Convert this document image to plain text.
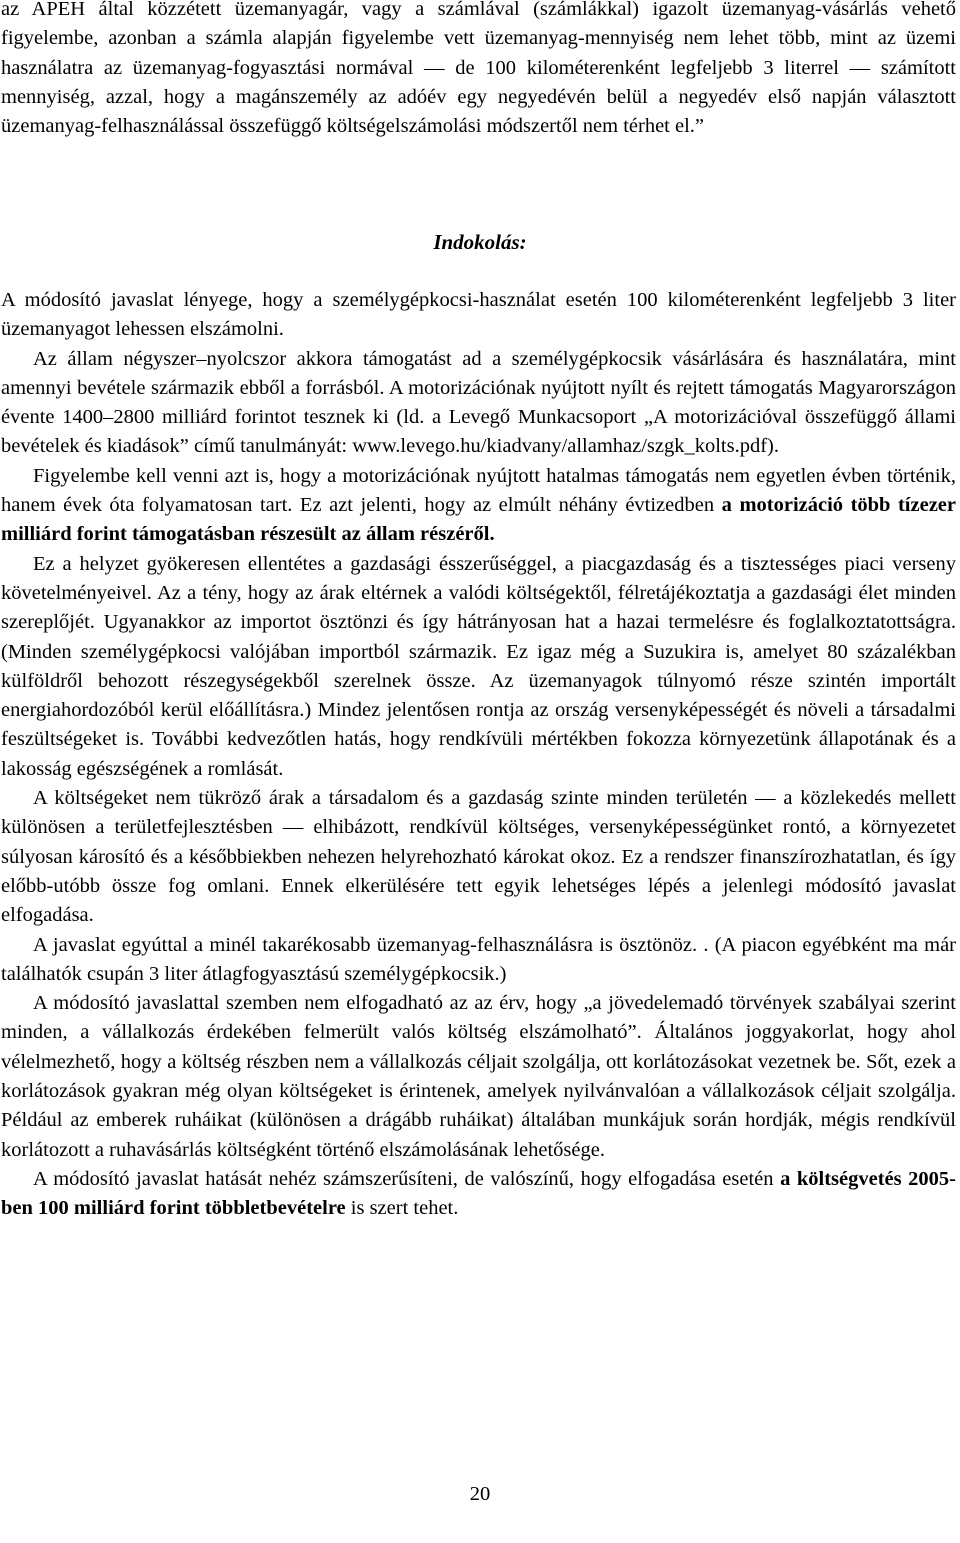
az APEH által közzétett üzemanyagár, vagy a számlával (számlákkal) igazolt üzemanyag-vásárlás vehető figyelembe, azonban a számla alapján figyelembe vett üzemanyag-mennyiség nem lehet több, mint az üzemi használatra az üzemanyag-fogyasztási normával — de 100 kilométerenként legfeljebb 3 literrel — számított mennyiség, azzal, hogy a magánszemély az adóév egy negyedévén belül a negyedév első napján választott üzemanyag-felhasználással összefüggő költségelszámolási módszertől nem térhet el.”

Indokolás:

A módosító javaslat lényege, hogy a személygépkocsi-használat esetén 100 kilométerenként legfeljebb 3 liter üzemanyagot lehessen elszámolni.

Az állam négyszer–nyolcszor akkora támogatást ad a személygépkocsik vásárlására és használatára, mint amennyi bevétele származik ebből a forrásból. A motorizációnak nyújtott nyílt és rejtett támogatás Magyarországon évente 1400–2800 milliárd forintot tesznek ki (ld. a Levegő Munkacsoport „A motorizációval összefüggő állami bevételek és kiadások” című tanulmányát: www.levego.hu/kiadvany/allamhaz/szgk_kolts.pdf).

Figyelembe kell venni azt is, hogy a motorizációnak nyújtott hatalmas támogatás nem egyetlen évben történik, hanem évek óta folyamatosan tart. Ez azt jelenti, hogy az elmúlt néhány évtizedben a motorizáció több tízezer milliárd forint támogatásban részesült az állam részéről.

Ez a helyzet gyökeresen ellentétes a gazdasági ésszerűséggel, a piacgazdaság és a tisztességes piaci verseny követelményeivel. Az a tény, hogy az árak eltérnek a valódi költségektől, félretájékoztatja a gazdasági élet minden szereplőjét. Ugyanakkor az importot ösztönzi és így hátrányosan hat a hazai termelésre és foglalkoztatottságra. (Minden személygépkocsi valójában importból származik. Ez igaz még a Suzukira is, amelyet 80 százalékban külföldről behozott részegységekből szerelnek össze. Az üzemanyagok túlnyomó része szintén importált energiahordozóból kerül előállításra.) Mindez jelentősen rontja az ország versenyképességét és növeli a társadalmi feszültségeket is. További kedvezőtlen hatás, hogy rendkívüli mértékben fokozza környezetünk állapotának és a lakosság egészségének a romlását.

A költségeket nem tükröző árak a társadalom és a gazdaság szinte minden területén — a közlekedés mellett különösen a területfejlesztésben — elhibázott, rendkívül költséges, versenyképességünket rontó, a környezetet súlyosan károsító és a későbbiekben nehezen helyrehozható károkat okoz. Ez a rendszer finanszírozhatatlan, és így előbb-utóbb össze fog omlani. Ennek elkerülésére tett egyik lehetséges lépés a jelenlegi módosító javaslat elfogadása.

A javaslat egyúttal a minél takarékosabb üzemanyag-felhasználásra is ösztönöz. . (A piacon egyébként ma már találhatók csupán 3 liter átlagfogyasztású személygépkocsik.)

A módosító javaslattal szemben nem elfogadható az az érv, hogy „a jövedelemadó törvények szabályai szerint minden, a vállalkozás érdekében felmerült valós költség elszámolható”. Általános joggyakorlat, hogy ahol vélelmezhető, hogy a költség részben nem a vállalkozás céljait szolgálja, ott korlátozásokat vezetnek be. Sőt, ezek a korlátozások gyakran még olyan költségeket is érintenek, amelyek nyilvánvalóan a vállalkozások céljait szolgálja. Például az emberek ruháikat (különösen a drágább ruháikat) általában munkájuk során hordják, mégis rendkívül korlátozott a ruhavásárlás költségként történő elszámolásának lehetősége.

A módosító javaslat hatását nehéz számszerűsíteni, de valószínű, hogy elfogadása esetén a költségvetés 2005-ben 100 milliárd forint többletbevételre is szert tehet.

20
